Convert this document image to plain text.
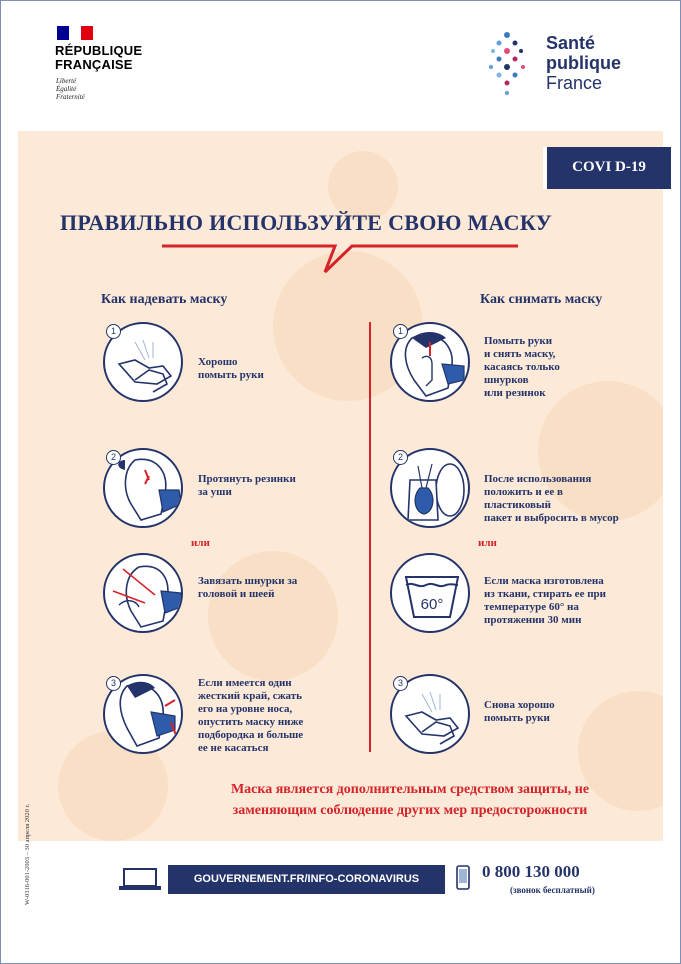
RÉPUBLIQUE
FRANÇAISE
Liberté
Égalité
Fraternité
Santé
publique
France
COVI D-19
ПРАВИЛЬНО ИСПОЛЬЗУЙТЕ СВОЮ МАСКУ
Как надевать маску	Как снимать маску
1
Хорошо
помыть руки
2
Протянуть резинки
за уши
или
Завязать шнурки за
головой и шеей
3	Если имеется один
жесткий край, сжать
его на уровне носа,
опустить маску ниже
подбородка и больше
ее не касаться
1
Помыть руки
и снять маску,
касаясь только
шнурков
или резинок
2
После использования
положить и ее в
пластиковый
пакет и выбросить в мусор
или
60°
Если маска изготовлена
из ткани, стирать ее при
температуре 60° на
протяжении 30 мин
3
Снова хорошо
помыть руки
Маска является дополнительным средством защиты, не
заменяющим соблюдение других мер предосторожности
W-0316-001-2003 – 30 апреля 2020 г.	GOUVERNEMENT.FR/INFO-CORONAVIRUS	0 800 130 000
(звонок бесплатный)
